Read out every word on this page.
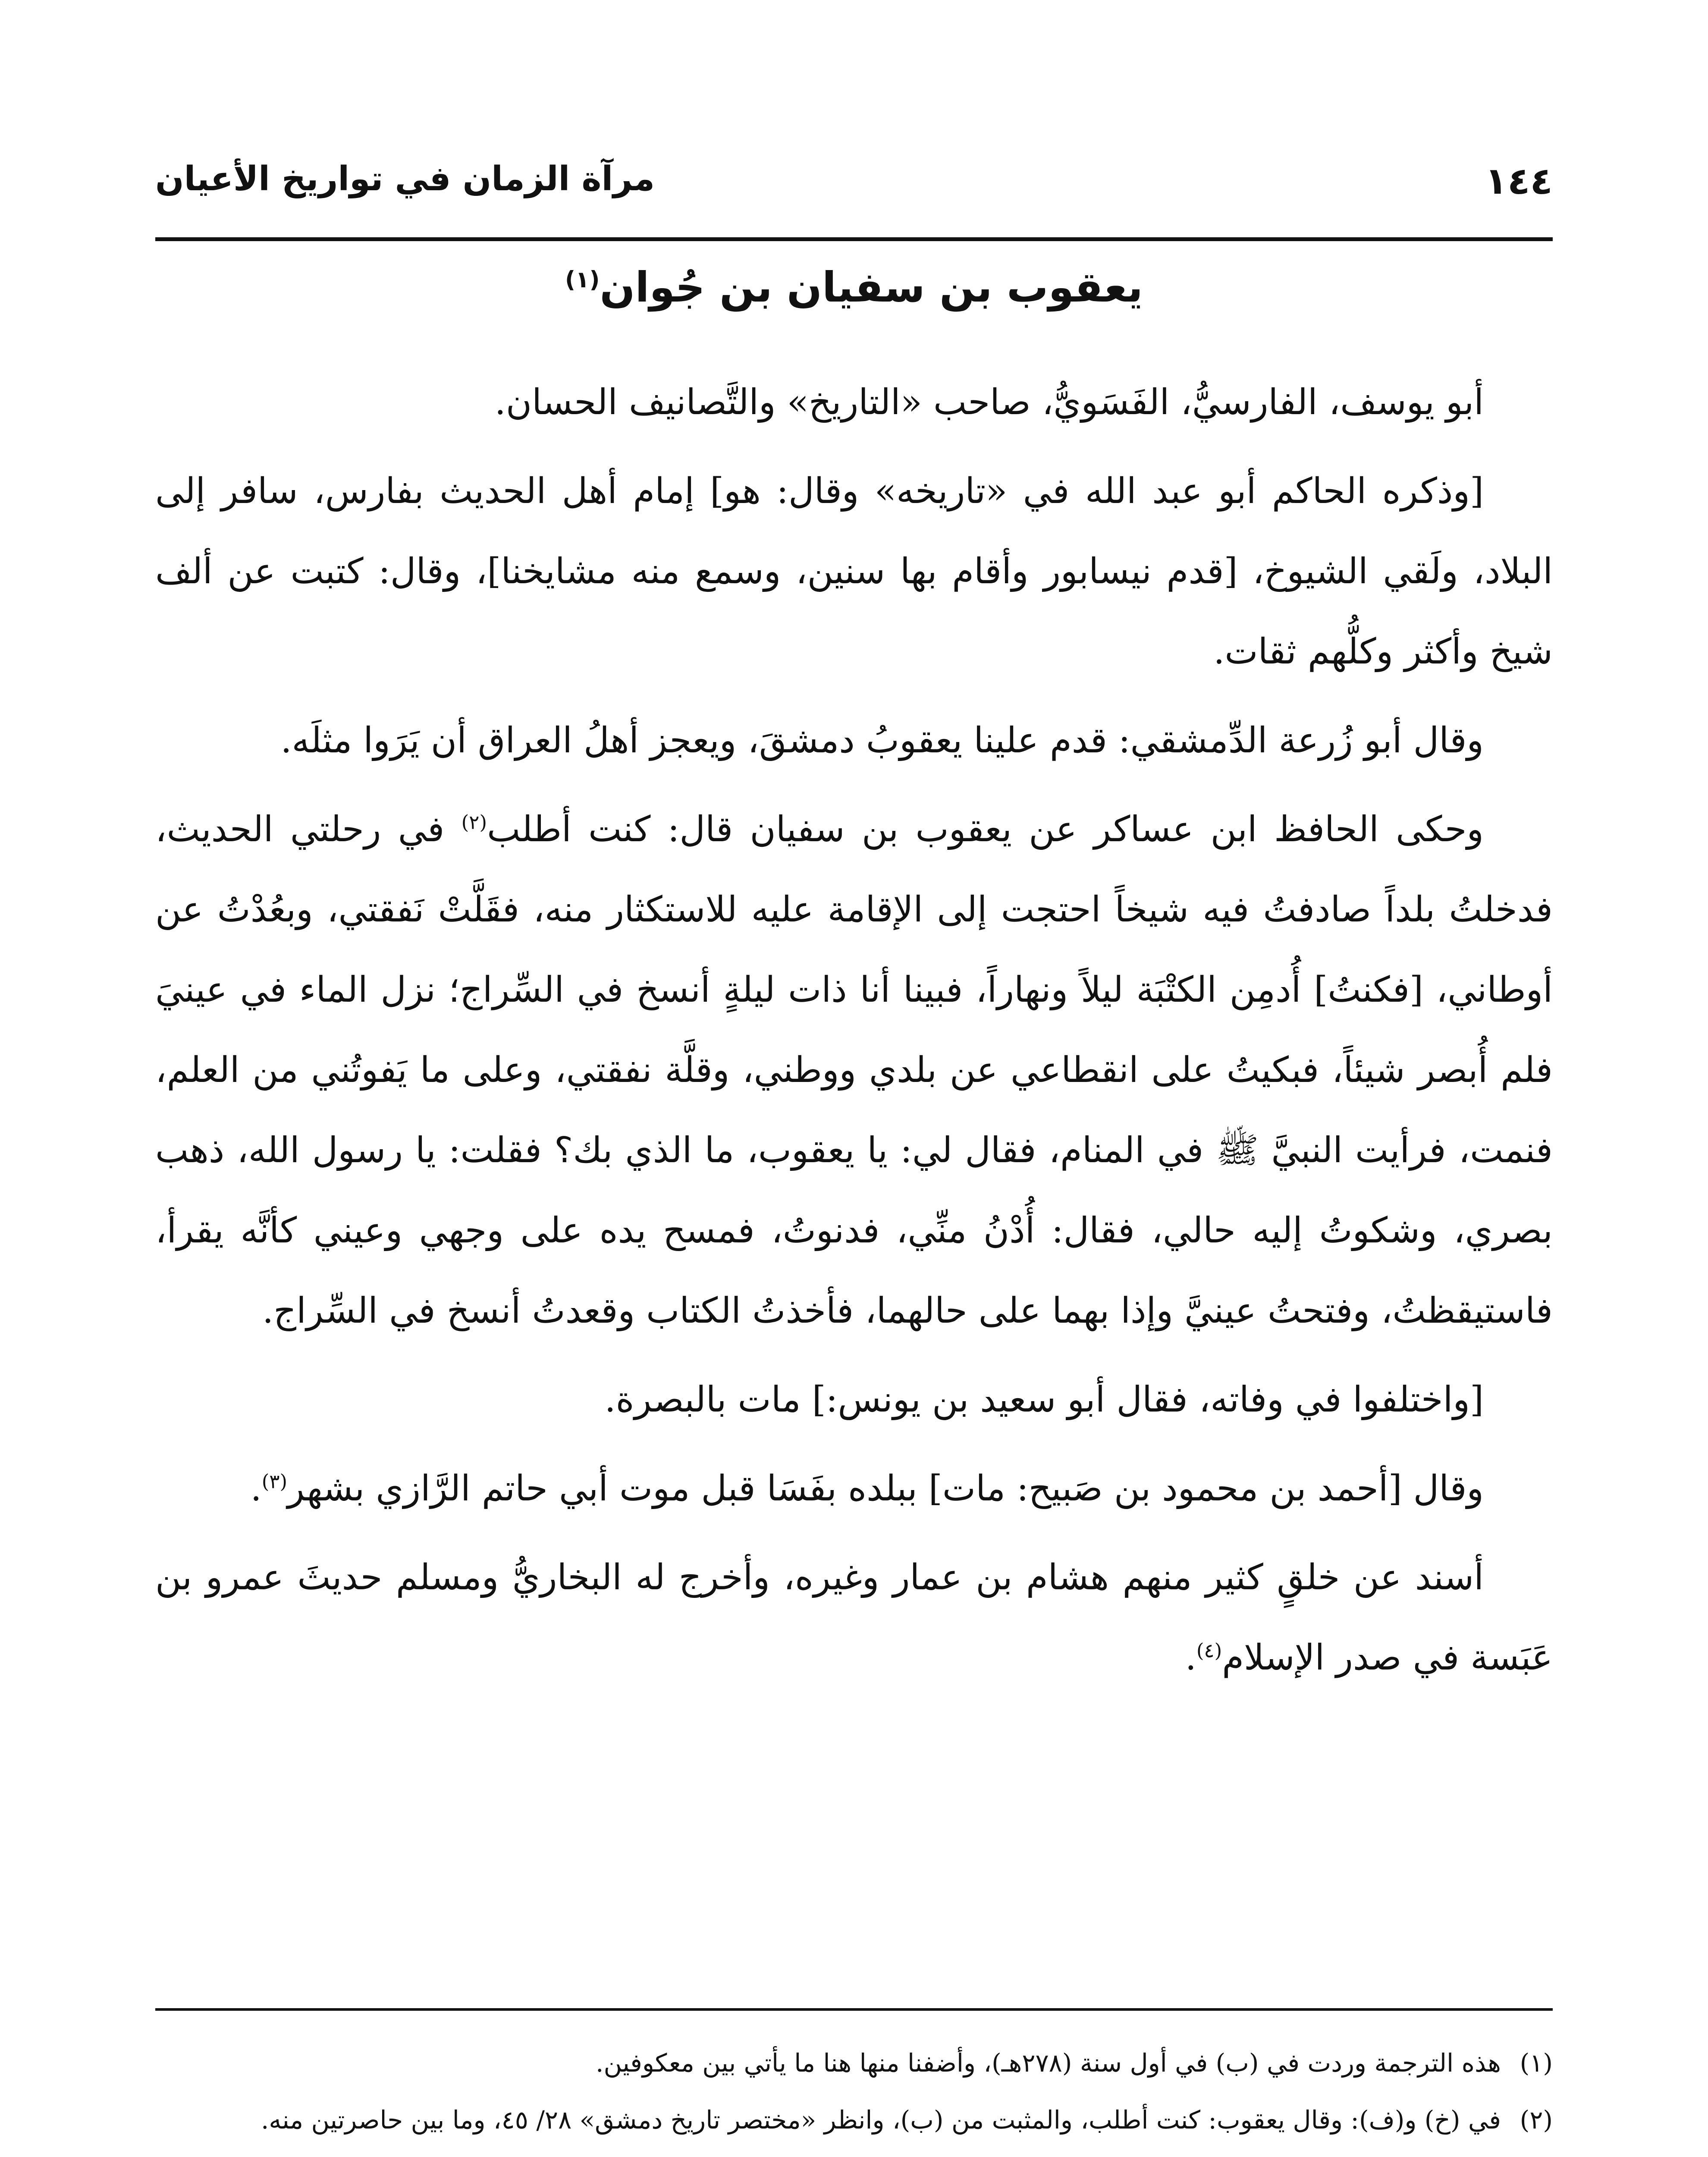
١٤٤
مرآة الزمان في تواريخ الأعيان
يعقوب بن سفيان بن جُوان$^{(١)}$

أبو يوسف، الفارسيُّ، الفَسَويُّ، صاحب «التاريخ» والتَّصانيف الحسان.

[وذكره الحاكم أبو عبد الله في «تاريخه» وقال: هو] إمام أهل الحديث بفارس، سافر إلى البلاد، ولَقي الشيوخ، [قدم نيسابور وأقام بها سنين، وسمع منه مشايخنا]، وقال: كتبت عن ألف شيخ وأكثر وكلُّهم ثقات.

وقال أبو زُرعة الدِّمشقي: قدم علينا يعقوبُ دمشقَ، ويعجز أهلُ العراق أن يَرَوا مثلَه.

وحكى الحافظ ابن عساكر عن يعقوب بن سفيان قال: كنت أطلب$^{(٢)}$ في رحلتي الحديث، فدخلتُ بلداً صادفتُ فيه شيخاً احتجت إلى الإقامة عليه للاستكثار منه، فقَلَّتْ نَفقتي، وبعُدْتُ عن أوطاني، [فكنتُ] أُدمِن الكتْبَة ليلاً ونهاراً، فبينا أنا ذات ليلةٍ أنسخ في السِّراج؛ نزل الماء في عينيَ فلم أُبصر شيئاً، فبكيتُ على انقطاعي عن بلدي ووطني، وقلَّة نفقتي، وعلى ما يَفوتُني من العلم، فنمت، فرأيت النبيَّ ﷺ في المنام، فقال لي: يا يعقوب، ما الذي بك؟ فقلت: يا رسول الله، ذهب بصري، وشكوتُ إليه حالي، فقال: أُدْنُ منِّي، فدنوتُ، فمسح يده على وجهي وعيني كأنَّه يقرأ، فاستيقظتُ، وفتحتُ عينيَّ وإذا بهما على حالهما، فأخذتُ الكتاب وقعدتُ أنسخ في السِّراج.

[واختلفوا في وفاته، فقال أبو سعيد بن يونس:] مات بالبصرة.

وقال [أحمد بن محمود بن صَبيح: مات] ببلده بفَسَا قبل موت أبي حاتم الرَّازي بشهر$^{(٣)}$.

أسند عن خلقٍ كثير منهم هشام بن عمار وغيره، وأخرج له البخاريُّ ومسلم حديثَ عمرو بن عَبَسة في صدر الإسلام$^{(٤)}$.

(١)
هذه الترجمة وردت في (ب) في أول سنة (٢٧٨هـ)، وأضفنا منها هنا ما يأتي بين معكوفين.
(٢)
في (خ) و(ف): وقال يعقوب: كنت أطلب، والمثبت من (ب)، وانظر «مختصر تاريخ دمشق» ٢٨/ ٤٥، وما بين حاصرتين منه.
